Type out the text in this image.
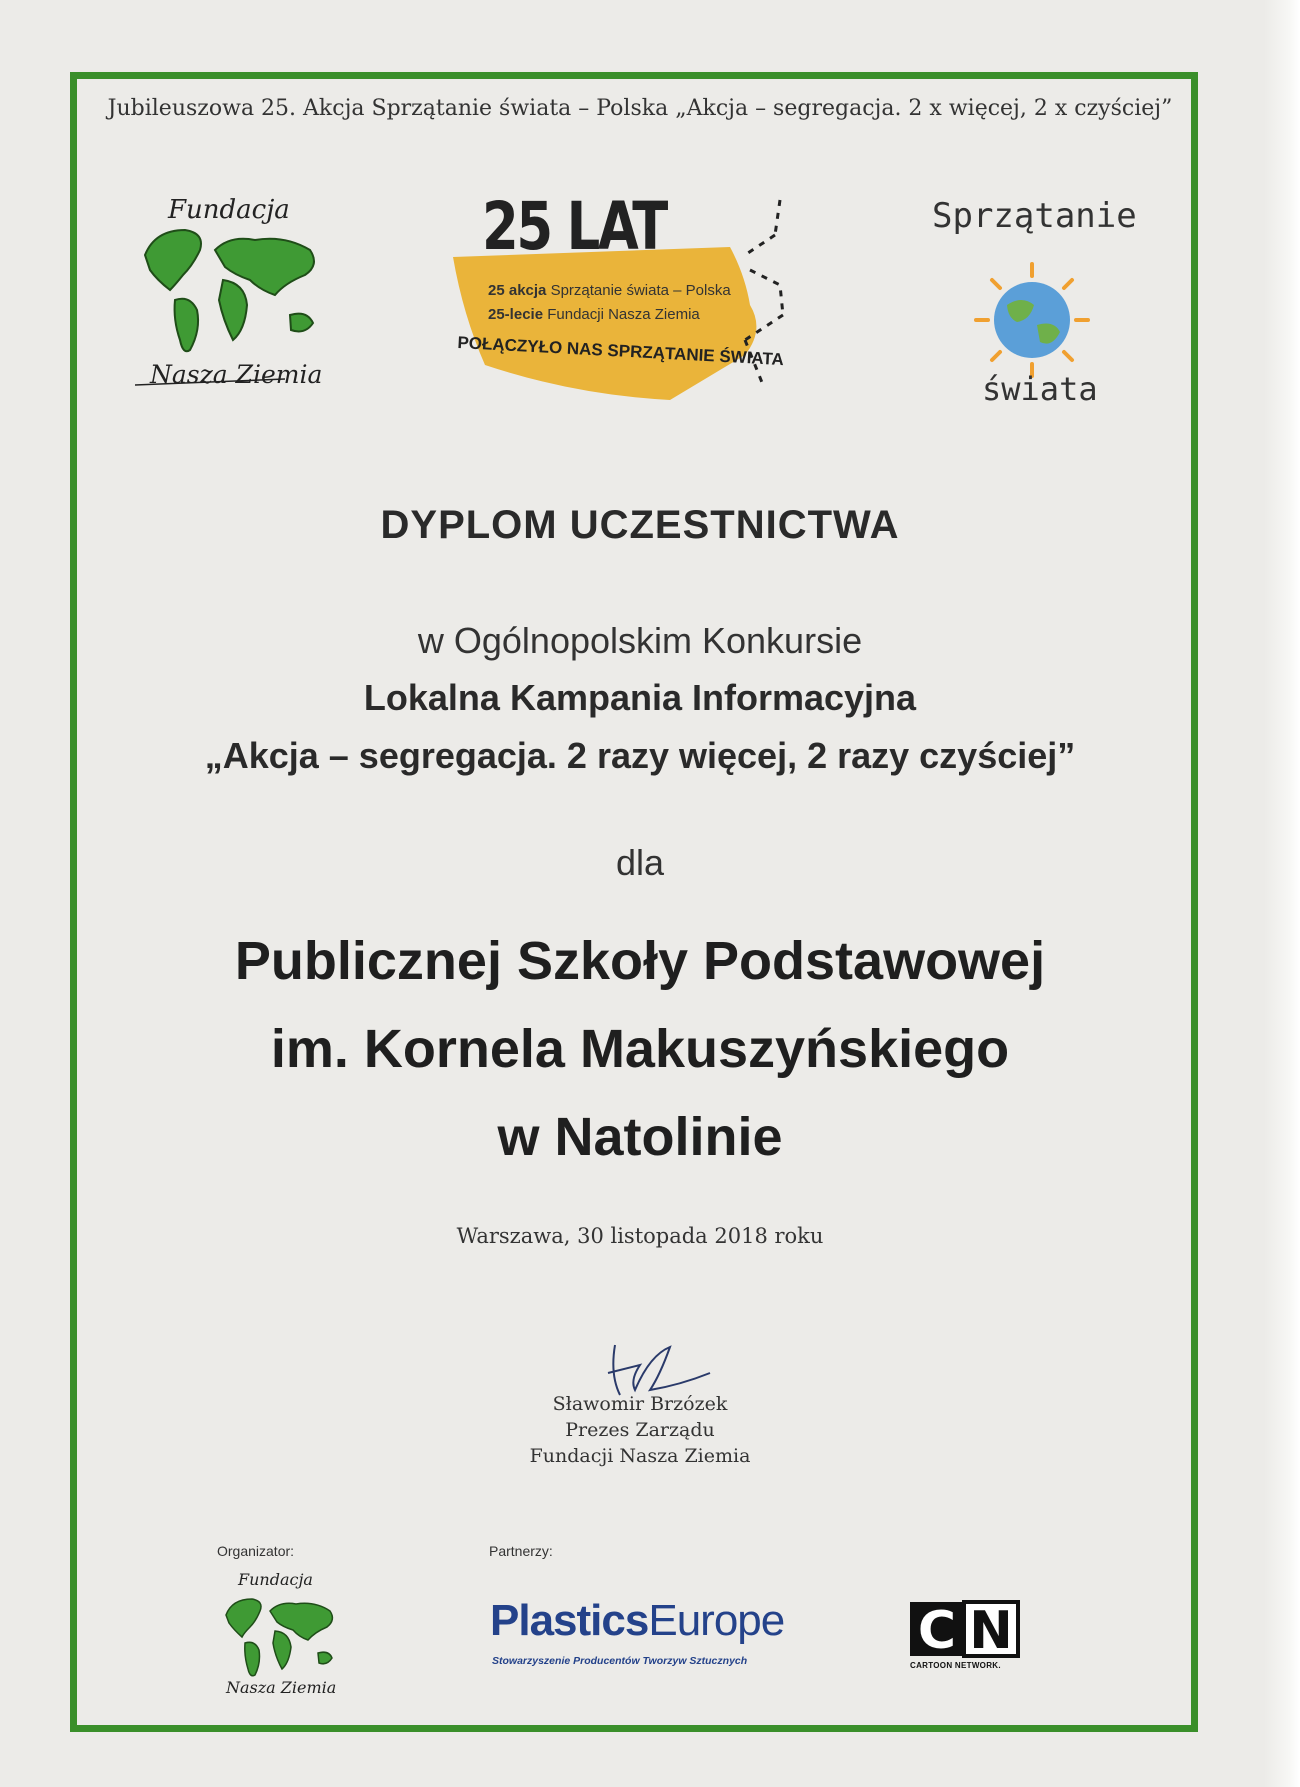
Jubileuszowa 25. Akcja Sprzątanie świata – Polska „Akcja – segregacja. 2 x więcej, 2 x czyściej”
Fundacja
Nasza Ziemia
25 LAT
25 akcja Sprzątanie świata – Polska
25-lecie Fundacji Nasza Ziemia
POŁĄCZYŁO NAS SPRZĄTANIE ŚWIATA
Sprzątanie
świata
DYPLOM UCZESTNICTWA
w Ogólnopolskim Konkursie
Lokalna Kampania Informacyjna
„Akcja – segregacja. 2 razy więcej, 2 razy czyściej”
dla
Publicznej Szkoły Podstawowej
im. Kornela Makuszyńskiego
w Natolinie
Warszawa, 30 listopada 2018 roku
Sławomir Brzózek
Prezes Zarządu
Fundacji Nasza Ziemia
Organizator:	Partnerzy:
Fundacja
Nasza Ziemia
PlasticsEurope
Stowarzyszenie Producentów Tworzyw Sztucznych	C N
CARTOON NETWORK.
